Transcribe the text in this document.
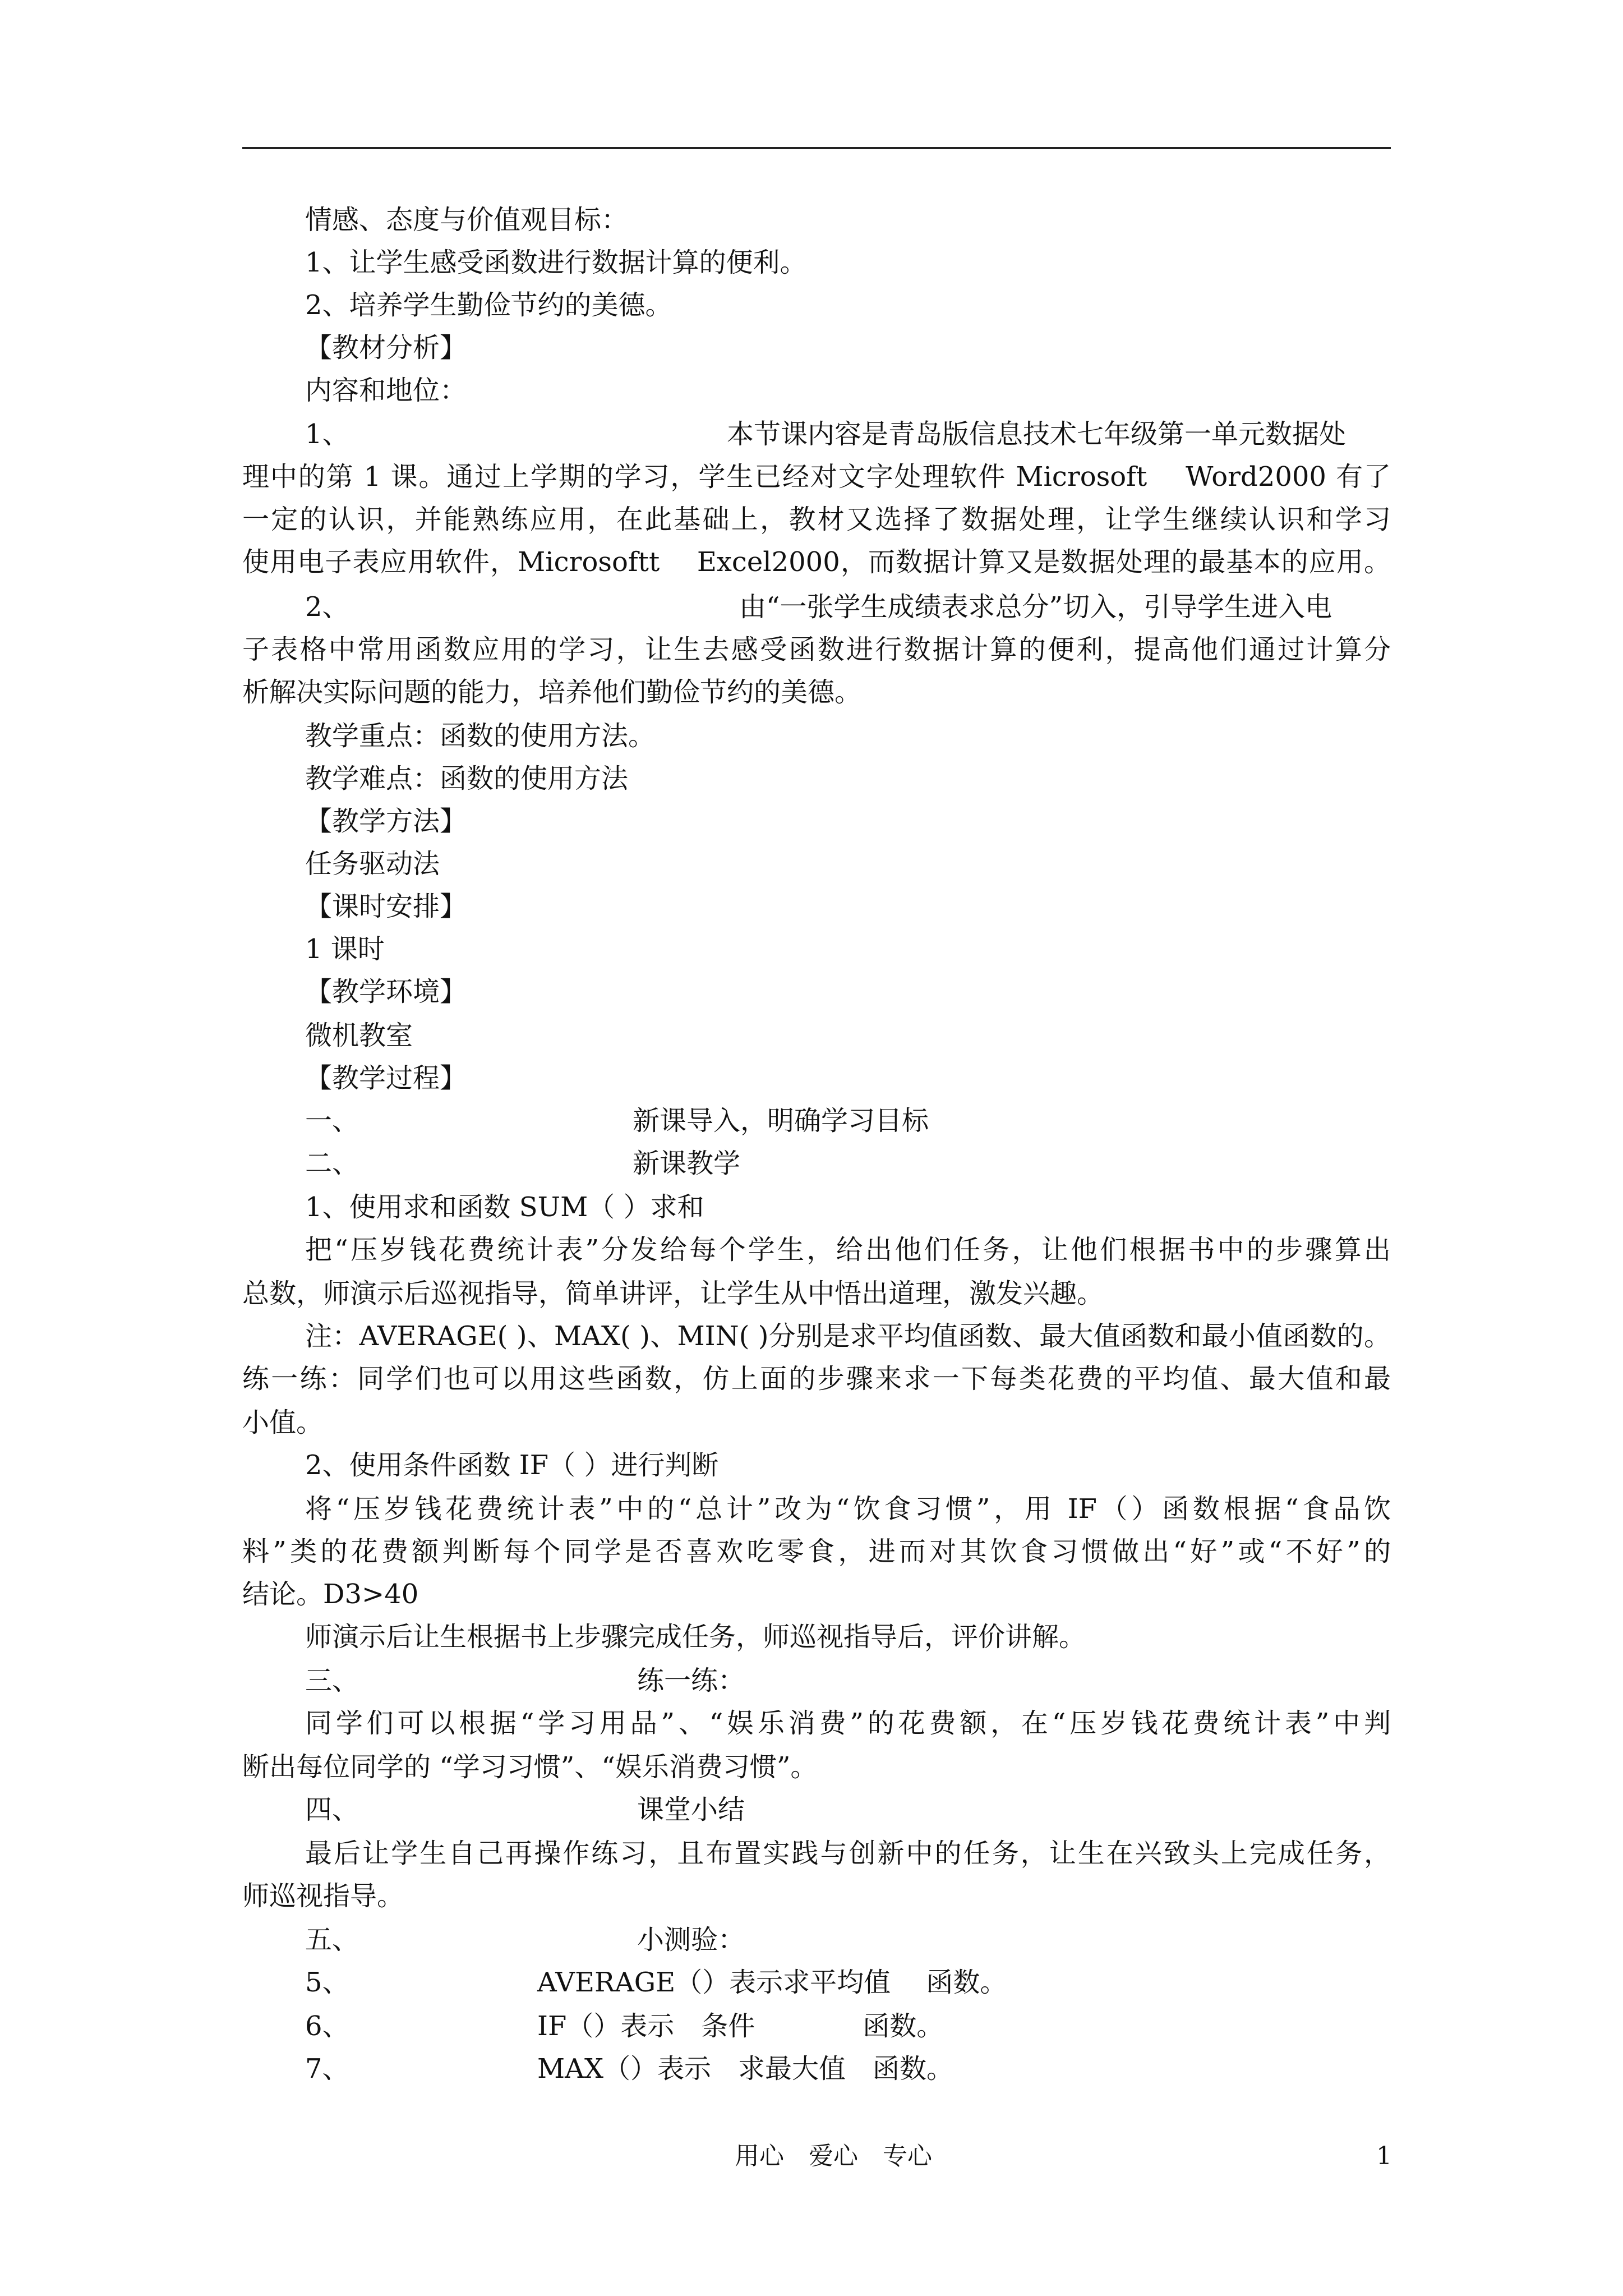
情感、态度与价值观目标：
1、让学生感受函数进行数据计算的便利。
2、培养学生勤俭节约的美德。
【教材分析】
内容和地位：
1、	本节课内容是青岛版信息技术七年级第一单元数据处
理中的第 1 课。通过上学期的学习，学生已经对文字处理软件 Microsoft　 Word2000 有了
一定的认识，并能熟练应用，在此基础上，教材又选择了数据处理，让学生继续认识和学习
使用电子表应用软件，Microsoftt　 Excel2000，而数据计算又是数据处理的最基本的应用。
2、	由“一张学生成绩表求总分”切入，引导学生进入电
子表格中常用函数应用的学习，让生去感受函数进行数据计算的便利，提高他们通过计算分
析解决实际问题的能力，培养他们勤俭节约的美德。
教学重点：函数的使用方法。
教学难点：函数的使用方法
【教学方法】
任务驱动法
【课时安排】
1 课时
【教学环境】
微机教室
【教学过程】
一、	新课导入，明确学习目标
二、	新课教学
1、使用求和函数 SUM（ ）求和
把“压岁钱花费统计表”分发给每个学生，给出他们任务，让他们根据书中的步骤算出
总数，师演示后巡视指导，简单讲评，让学生从中悟出道理，激发兴趣。
注：AVERAGE( )、MAX( )、MIN( )分别是求平均值函数、最大值函数和最小值函数的。
练一练：同学们也可以用这些函数，仿上面的步骤来求一下每类花费的平均值、最大值和最
小值。
2、使用条件函数 IF（ ）进行判断
将“压岁钱花费统计表”中的“总计”改为“饮食习惯”，用 IF（）函数根据“食品饮
料”类的花费额判断每个同学是否喜欢吃零食，进而对其饮食习惯做出“好”或“不好”的
结论。D3>40
师演示后让生根据书上步骤完成任务，师巡视指导后，评价讲解。
三、	练一练：
同学们可以根据“学习用品”、“娱乐消费”的花费额，在“压岁钱花费统计表”中判
断出每位同学的 “学习习惯”、“娱乐消费习惯”。
四、	课堂小结
最后让学生自己再操作练习，且布置实践与创新中的任务，让生在兴致头上完成任务，
师巡视指导。
五、	小测验：
5、	AVERAGE（）表示求平均值　 函数。
6、	IF（）表示　条件　　　　函数。
7、	MAX（）表示　求最大值　函数。
用心　爱心　专心	1
